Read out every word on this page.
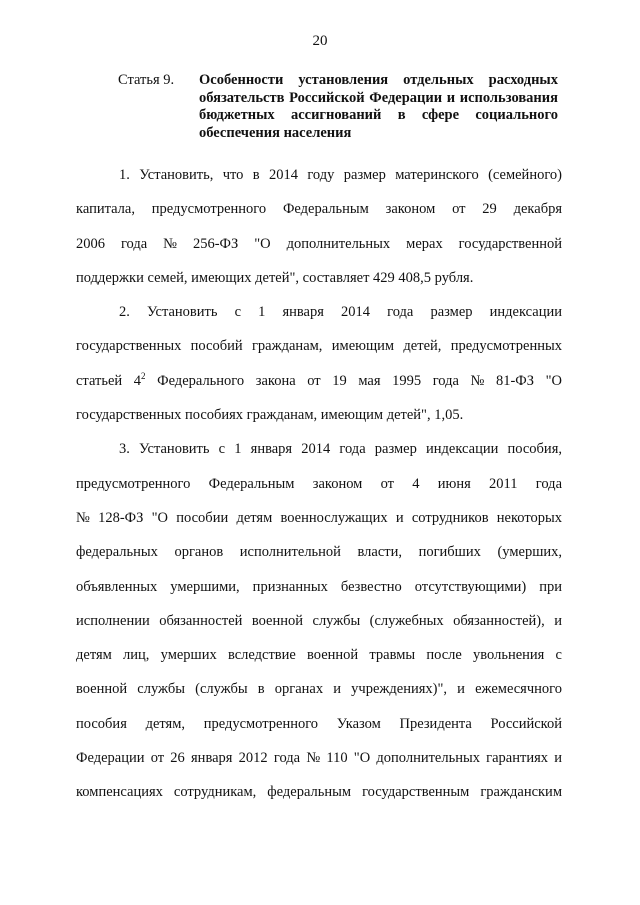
20
Статья 9. Особенности установления отдельных расходных обязательств Российской Федерации и использования бюджетных ассигнований в сфере социального обеспечения населения
1. Установить, что в 2014 году размер материнского (семейного)
капитала, предусмотренного Федеральным законом от 29 декабря
2006 года № 256-ФЗ "О дополнительных мерах государственной
поддержки семей, имеющих детей", составляет 429 408,5 рубля.
2. Установить с 1 января 2014 года размер индексации
государственных пособий гражданам, имеющим детей, предусмотренных
статьей $4^2$ Федерального закона от 19 мая 1995 года № 81-ФЗ "О
государственных пособиях гражданам, имеющим детей", 1,05.
3. Установить с 1 января 2014 года размер индексации пособия,
предусмотренного Федеральным законом от 4 июня 2011 года
№ 128-ФЗ "О пособии детям военнослужащих и сотрудников некоторых
федеральных органов исполнительной власти, погибших (умерших,
объявленных умершими, признанных безвестно отсутствующими) при
исполнении обязанностей военной службы (служебных обязанностей), и
детям лиц, умерших вследствие военной травмы после увольнения с
военной службы (службы в органах и учреждениях)", и ежемесячного
пособия детям, предусмотренного Указом Президента Российской
Федерации от 26 января 2012 года № 110 "О дополнительных гарантиях и
компенсациях сотрудникам, федеральным государственным гражданским
